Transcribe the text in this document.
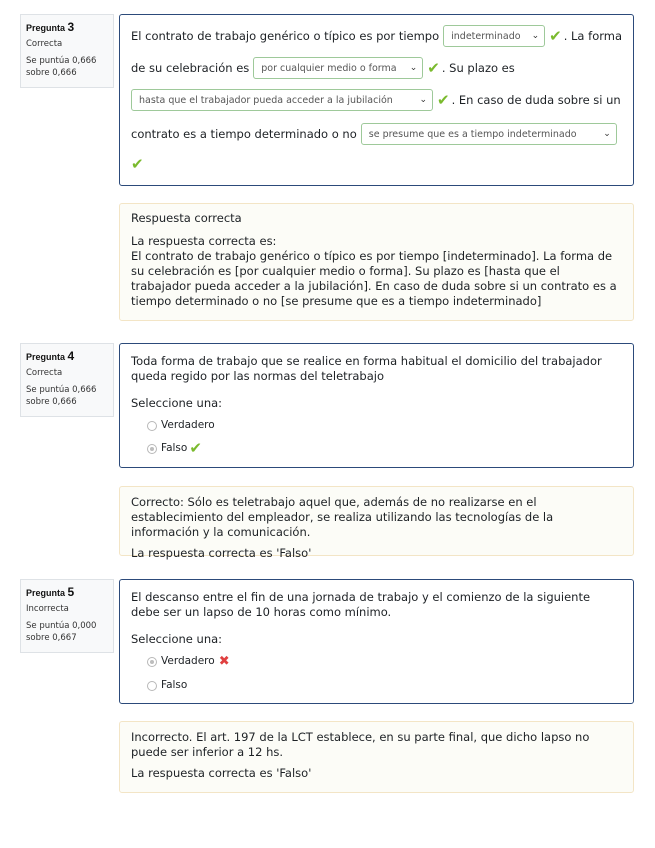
Pregunta 3
Correcta
Se puntúa 0,666 sobre 0,666
El contrato de trabajo genérico o típico es por tiempo indeterminado ⌄ ✔ . La forma
de su celebración es por cualquier medio o forma ⌄ ✔ . Su plazo es
hasta que el trabajador pueda acceder a la jubilación	⌄ ✔ . En caso de duda sobre si un
contrato es a tiempo determinado o no se presume que es a tiempo indeterminado	⌄
✔

Respuesta correcta

La respuesta correcta es:

El contrato de trabajo genérico o típico es por tiempo [indeterminado]. La forma de su celebración es [por cualquier medio o forma]. Su plazo es [hasta que el trabajador pueda acceder a la jubilación]. En caso de duda sobre si un contrato es a tiempo determinado o no [se presume que es a tiempo indeterminado]

Pregunta 4
Correcta
Se puntúa 0,666 sobre 0,666

Toda forma de trabajo que se realice en forma habitual el domicilio del trabajador queda regido por las normas del teletrabajo

Seleccione una:

Verdadero
Falso ✔

Correcto: Sólo es teletrabajo aquel que, además de no realizarse en el establecimiento del empleador, se realiza utilizando las tecnologías de la información y la comunicación.

La respuesta correcta es 'Falso'

Pregunta 5
Incorrecta
Se puntúa 0,000 sobre 0,667

El descanso entre el fin de una jornada de trabajo y el comienzo de la siguiente debe ser un lapso de 10 horas como mínimo.

Seleccione una:

Verdadero ✖
Falso

Incorrecto. El art. 197 de la LCT establece, en su parte final, que dicho lapso no puede ser inferior a 12 hs.

La respuesta correcta es 'Falso'
